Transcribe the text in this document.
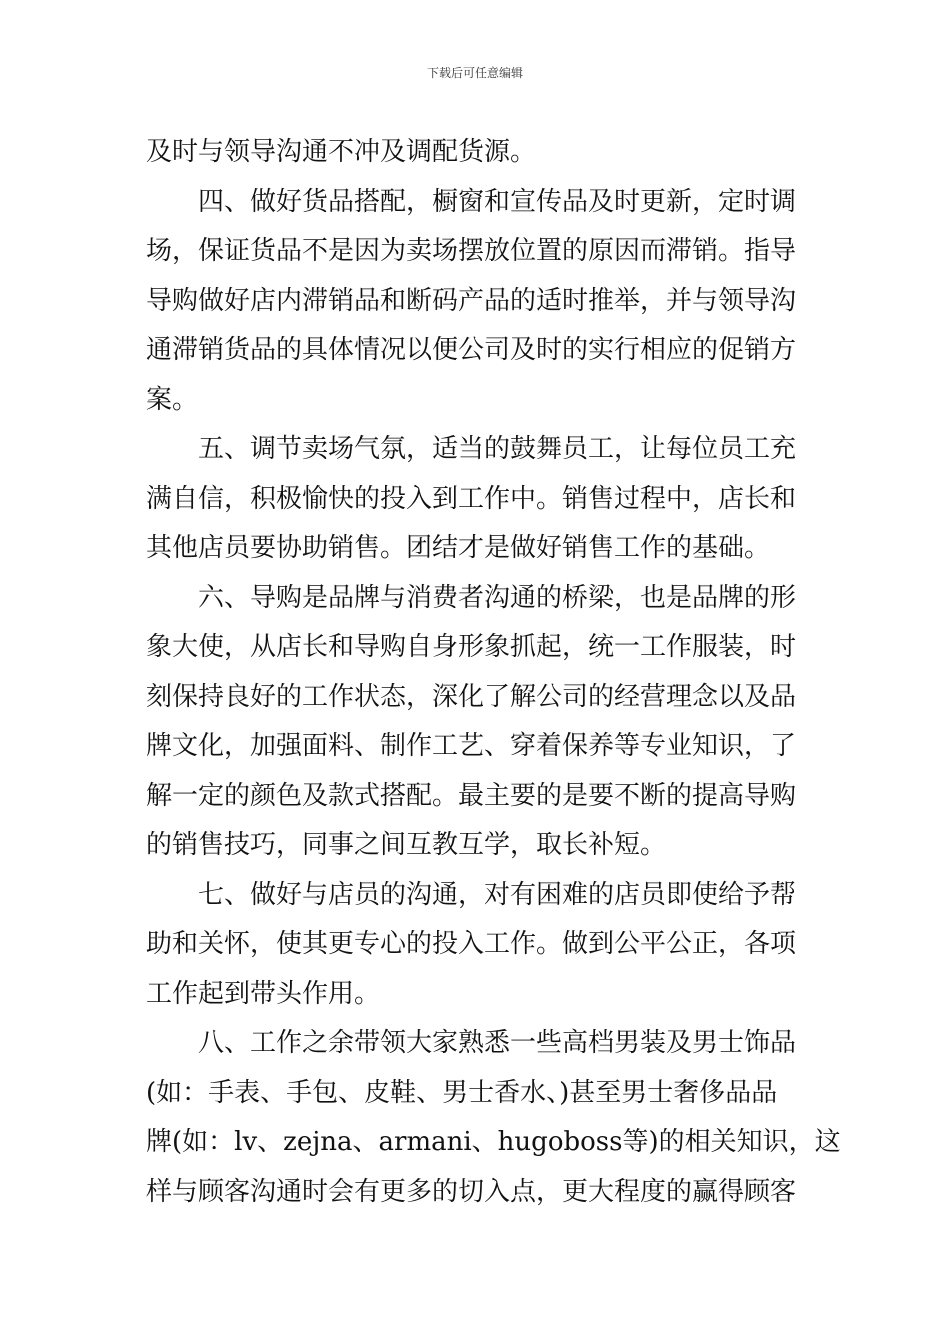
下载后可任意编辑
及时与领导沟通不冲及调配货源。
四、做好货品搭配，橱窗和宣传品及时更新，定时调
场，保证货品不是因为卖场摆放位置的原因而滞销。指导
导购做好店内滞销品和断码产品的适时推举，并与领导沟
通滞销货品的具体情况以便公司及时的实行相应的促销方
案。
五、调节卖场气氛，适当的鼓舞员工，让每位员工充
满自信，积极愉快的投入到工作中。销售过程中，店长和
其他店员要协助销售。团结才是做好销售工作的基础。
六、导购是品牌与消费者沟通的桥梁，也是品牌的形
象大使，从店长和导购自身形象抓起，统一工作服装，时
刻保持良好的工作状态，深化了解公司的经营理念以及品
牌文化，加强面料、制作工艺、穿着保养等专业知识，了
解一定的颜色及款式搭配。最主要的是要不断的提高导购
的销售技巧，同事之间互教互学，取长补短。
七、做好与店员的沟通，对有困难的店员即使给予帮
助和关怀，使其更专心的投入工作。做到公平公正，各项
工作起到带头作用。
八、工作之余带领大家熟悉一些高档男装及男士饰品
(如：手表、手包、皮鞋、男士香水、)甚至男士奢侈品品
牌(如：lv、zejna、armani、hugoboss等)的相关知识，这
样与顾客沟通时会有更多的切入点，更大程度的赢得顾客
